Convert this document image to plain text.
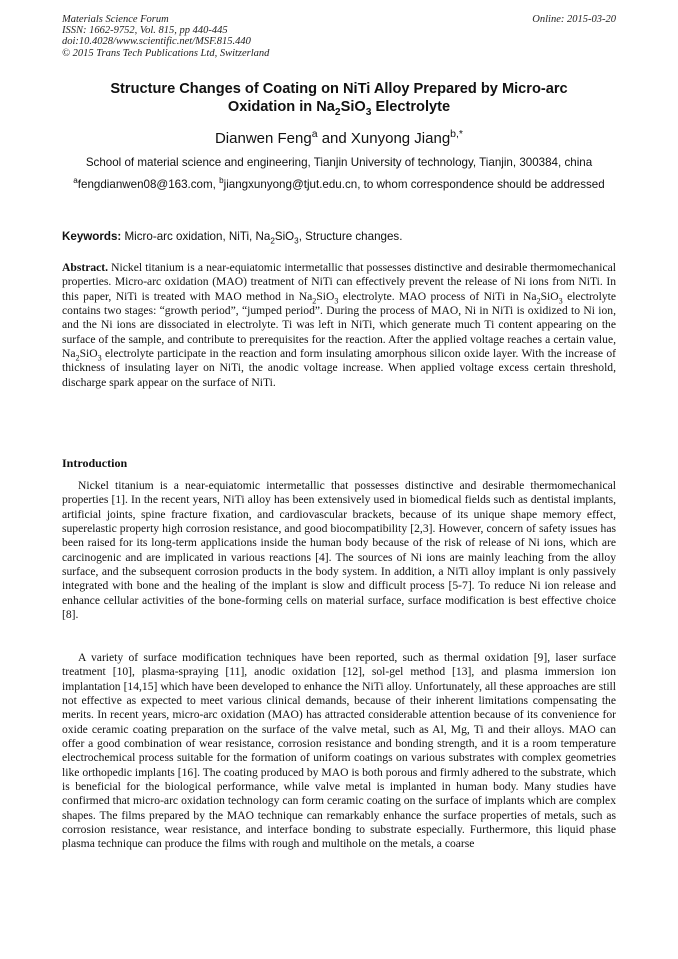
Materials Science Forum
ISSN: 1662-9752, Vol. 815, pp 440-445
doi:10.4028/www.scientific.net/MSF.815.440
© 2015 Trans Tech Publications Ltd, Switzerland
Online: 2015-03-20
Structure Changes of Coating on NiTi Alloy Prepared by Micro-arc
Oxidation in $Na_2SiO_3$ Electrolyte
Dianwen Feng$^a$ and Xunyong Jiang$^{b,*}$
School of material science and engineering, Tianjin University of technology, Tianjin, 300384, china
$^a$fengdianwen08@163.com, $^b$jiangxunyong@tjut.edu.cn, to whom correspondence should be addressed
Keywords: Micro-arc oxidation, NiTi, $Na_2SiO_3$, Structure changes.
Abstract. Nickel titanium is a near-equiatomic intermetallic that possesses distinctive and desirable thermomechanical properties. Micro-arc oxidation (MAO) treatment of NiTi can effectively prevent the release of Ni ions from NiTi. In this paper, NiTi is treated with MAO method in $Na_2SiO_3$ electrolyte. MAO process of NiTi in $Na_2SiO_3$ electrolyte contains two stages: “growth period”, “jumped period”. During the process of MAO, Ni in NiTi is oxidized to Ni ion, and the Ni ions are dissociated in electrolyte. Ti was left in NiTi, which generate much Ti content appearing on the surface of the sample, and contribute to prerequisites for the reaction. After the applied voltage reaches a certain value, $Na_2SiO_3$ electrolyte participate in the reaction and form insulating amorphous silicon oxide layer. With the increase of thickness of insulating layer on NiTi, the anodic voltage increase. When applied voltage excess certain threshold, discharge spark appear on the surface of NiTi.
Introduction
Nickel titanium is a near-equiatomic intermetallic that possesses distinctive and desirable thermomechanical properties [1]. In the recent years, NiTi alloy has been extensively used in biomedical fields such as dentistal implants, artificial joints, spine fracture fixation, and cardiovascular brackets, because of its unique shape memory effect, superelastic property high corrosion resistance, and good biocompatibility [2,3]. However, concern of safety issues has been raised for its long-term applications inside the human body because of the risk of release of Ni ions, which are carcinogenic and are implicated in various reactions [4]. The sources of Ni ions are mainly leaching from the alloy surface, and the subsequent corrosion products in the body system. In addition, a NiTi alloy implant is only passively integrated with bone and the healing of the implant is slow and difficult process [5-7]. To reduce Ni ion release and enhance cellular activities of the bone-forming cells on material surface, surface modification is best effective choice [8].
A variety of surface modification techniques have been reported, such as thermal oxidation [9], laser surface treatment [10], plasma-spraying [11], anodic oxidation [12], sol-gel method [13], and plasma immersion ion implantation [14,15] which have been developed to enhance the NiTi alloy. Unfortunately, all these approaches are still not effective as expected to meet various clinical demands, because of their inherent limitations compensating the merits. In recent years, micro-arc oxidation (MAO) has attracted considerable attention because of its convenience for oxide ceramic coating preparation on the surface of the valve metal, such as Al, Mg, Ti and their alloys. MAO can offer a good combination of wear resistance, corrosion resistance and bonding strength, and it is a room temperature electrochemical process suitable for the formation of uniform coatings on various substrates with complex geometries like orthopedic implants [16]. The coating produced by MAO is both porous and firmly adhered to the substrate, which is beneficial for the biological performance, while valve metal is implanted in human body. Many studies have confirmed that micro-arc oxidation technology can form ceramic coating on the surface of implants which are complex shapes. The films prepared by the MAO technique can remarkably enhance the surface properties of metals, such as corrosion resistance, wear resistance, and interface bonding to substrate especially. Furthermore, this liquid phase plasma technique can produce the films with rough and multihole on the metals, a coarse
